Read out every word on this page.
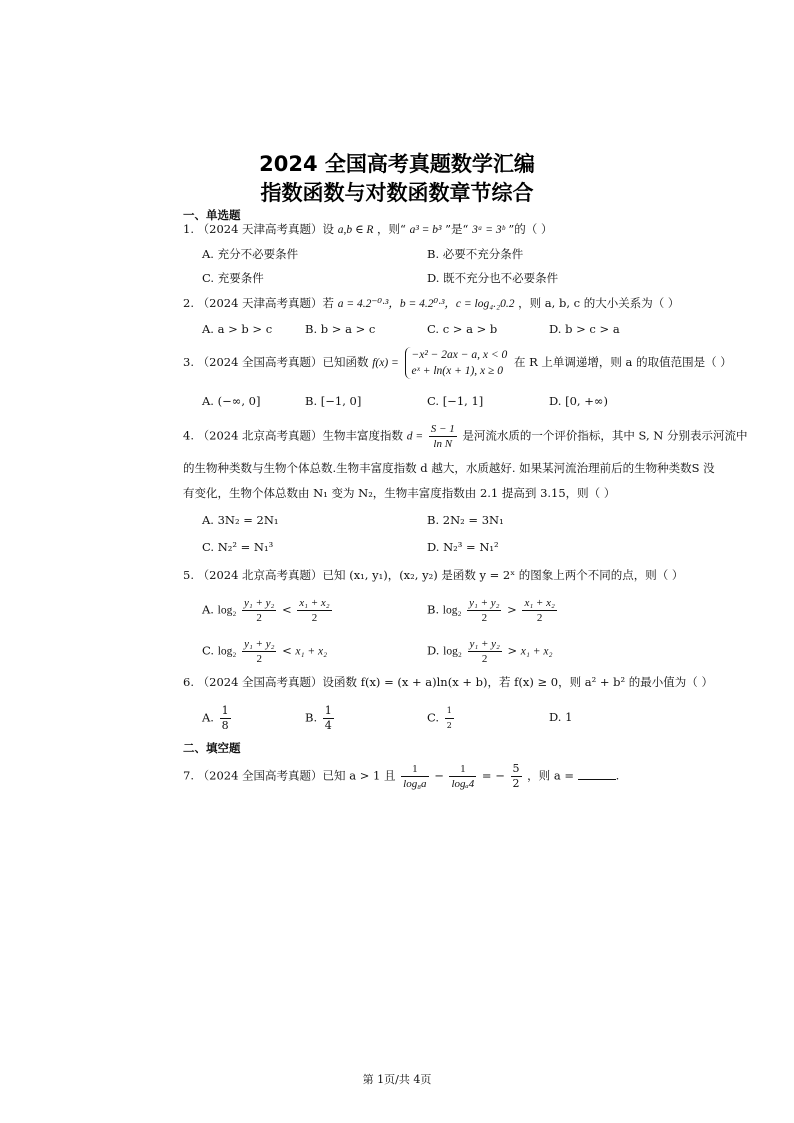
2024 全国高考真题数学汇编
指数函数与对数函数章节综合
一、单选题
1. （2024 天津高考真题）设 a,b ∈ R ，则“ a³ = b³ ”是“ 3ᵃ = 3ᵇ ”的（ ）
A. 充分不必要条件	B. 必要不充分条件
C. 充要条件	D. 既不充分也不必要条件
2. （2024 天津高考真题）若 a = 4.2⁻⁰·³，b = 4.2⁰·³，c = log₄.₂0.2 ，则 a, b, c 的大小关系为（ ）
A. a > b > c	B. b > a > c	C. c > a > b	D. b > c > a
3. （2024 全国高考真题）已知函数 f(x) =
−x² − 2ax − a, x < 0
eˣ + ln(x + 1), x ≥ 0
在 R 上单调递增，则 a 的取值范围是（ ）
A. (−∞, 0]	B. [−1, 0]	C. [−1, 1]	D. [0, +∞)
4. （2024 北京高考真题）生物丰富度指数 $d = \frac{S - 1}{\text{ln N}}$ 是河流水质的一个评价指标，其中 S, N 分别表示河流中
的生物种类数与生物个体总数.生物丰富度指数 d 越大，水质越好. 如果某河流治理前后的生物种类数S 没
有变化，生物个体总数由 N₁ 变为 N₂，生物丰富度指数由 2.1 提高到 3.15，则（ ）
A. 3N₂ = 2N₁	B. 2N₂ = 3N₁
C. N₂² = N₁³	D. N₂³ = N₁²
5. （2024 北京高考真题）已知 (x₁, y₁)，(x₂, y₂) 是函数 y = 2ˣ 的图象上两个不同的点，则（ ）
A. $\log_2 \frac{\text{y₁ + y₂}}{2} < \frac{\text{x₁ + x₂}}{2}$	B. $\log_2 \frac{\text{y₁ + y₂}}{2} > \frac{\text{x₁ + x₂}}{2}$
C. $\log_2 \frac{\text{y₁ + y₂}}{2} < x_1 + x_2$	D. $\log_2 \frac{\text{y₁ + y₂}}{2} > x_1 + x_2$
6. （2024 全国高考真题）设函数 f(x) = (x + a)ln(x + b)，若 f(x) ≥ 0，则 a² + b² 的最小值为（ ）
A. $\frac{1}{8}$	B. $\frac{1}{4}$	C. $\frac{1}{2}$	D. 1
二、填空题
7. （2024 全国高考真题）已知 a > 1 且 $\frac{1}{\text{log₈a}} - \frac{1}{\text{logₐ4}}$ = − $\frac{5}{2}$ ，则 a =	.
第 1页/共 4页
